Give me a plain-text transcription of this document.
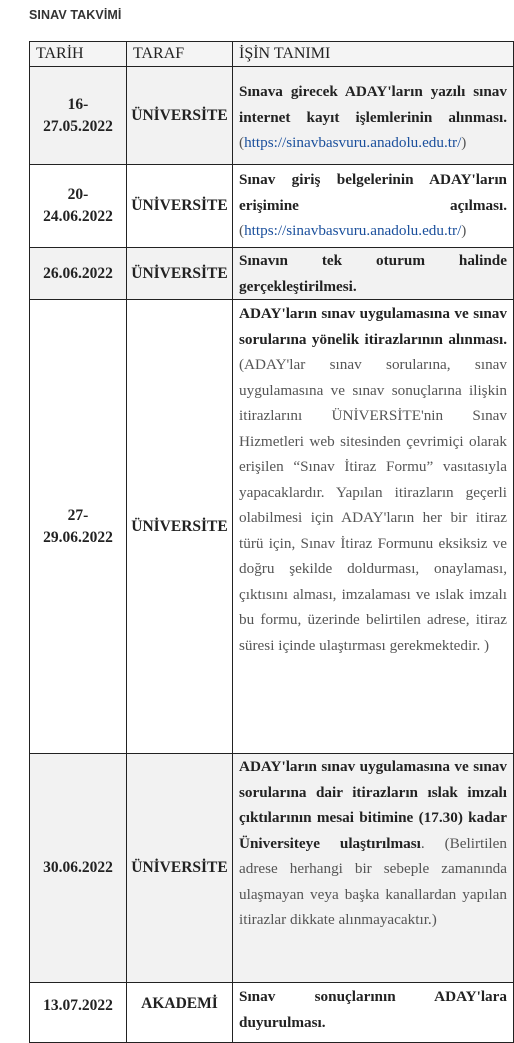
SINAV TAKVİMİ
TARİH	TARAF	İŞİN TANIMI
16-
27.05.2022	ÜNİVERSİTE	Sınava girecek ADAY'ların yazılı sınav internet kayıt işlemlerinin alınması. (https://sinavbasvuru.anadolu.edu.tr/)
20-
24.06.2022	ÜNİVERSİTE	Sınav giriş belgelerinin ADAY'ların erişimine açılması. (https://sinavbasvuru.anadolu.edu.tr/)
26.06.2022	ÜNİVERSİTE	Sınavın tek oturum halinde gerçekleştirilmesi.
27-
29.06.2022	ÜNİVERSİTE	ADAY'ların sınav uygulamasına ve sınav sorularına yönelik itirazlarının alınması. (ADAY'lar sınav sorularına, sınav uygulamasına ve sınav sonuçlarına ilişkin itirazlarını ÜNİVERSİTE'nin Sınav Hizmetleri web sitesinden çevrimiçi olarak erişilen “Sınav İtiraz Formu” vasıtasıyla yapacaklardır. Yapılan itirazların geçerli olabilmesi için ADAY'ların her bir itiraz türü için, Sınav İtiraz Formunu eksiksiz ve doğru şekilde doldurması, onaylaması, çıktısını alması, imzalaması ve ıslak imzalı bu formu, üzerinde belirtilen adrese, itiraz süresi içinde ulaştırması gerekmektedir. )
30.06.2022	ÜNİVERSİTE	ADAY'ların sınav uygulamasına ve sınav sorularına dair itirazların ıslak imzalı çıktılarının mesai bitimine (17.30) kadar Üniversiteye ulaştırılması. (Belirtilen adrese herhangi bir sebeple zamanında ulaşmayan veya başka kanallardan yapılan itirazlar dikkate alınmayacaktır.)
13.07.2022	AKADEMİ	Sınav sonuçlarının ADAY'lara duyurulması.
